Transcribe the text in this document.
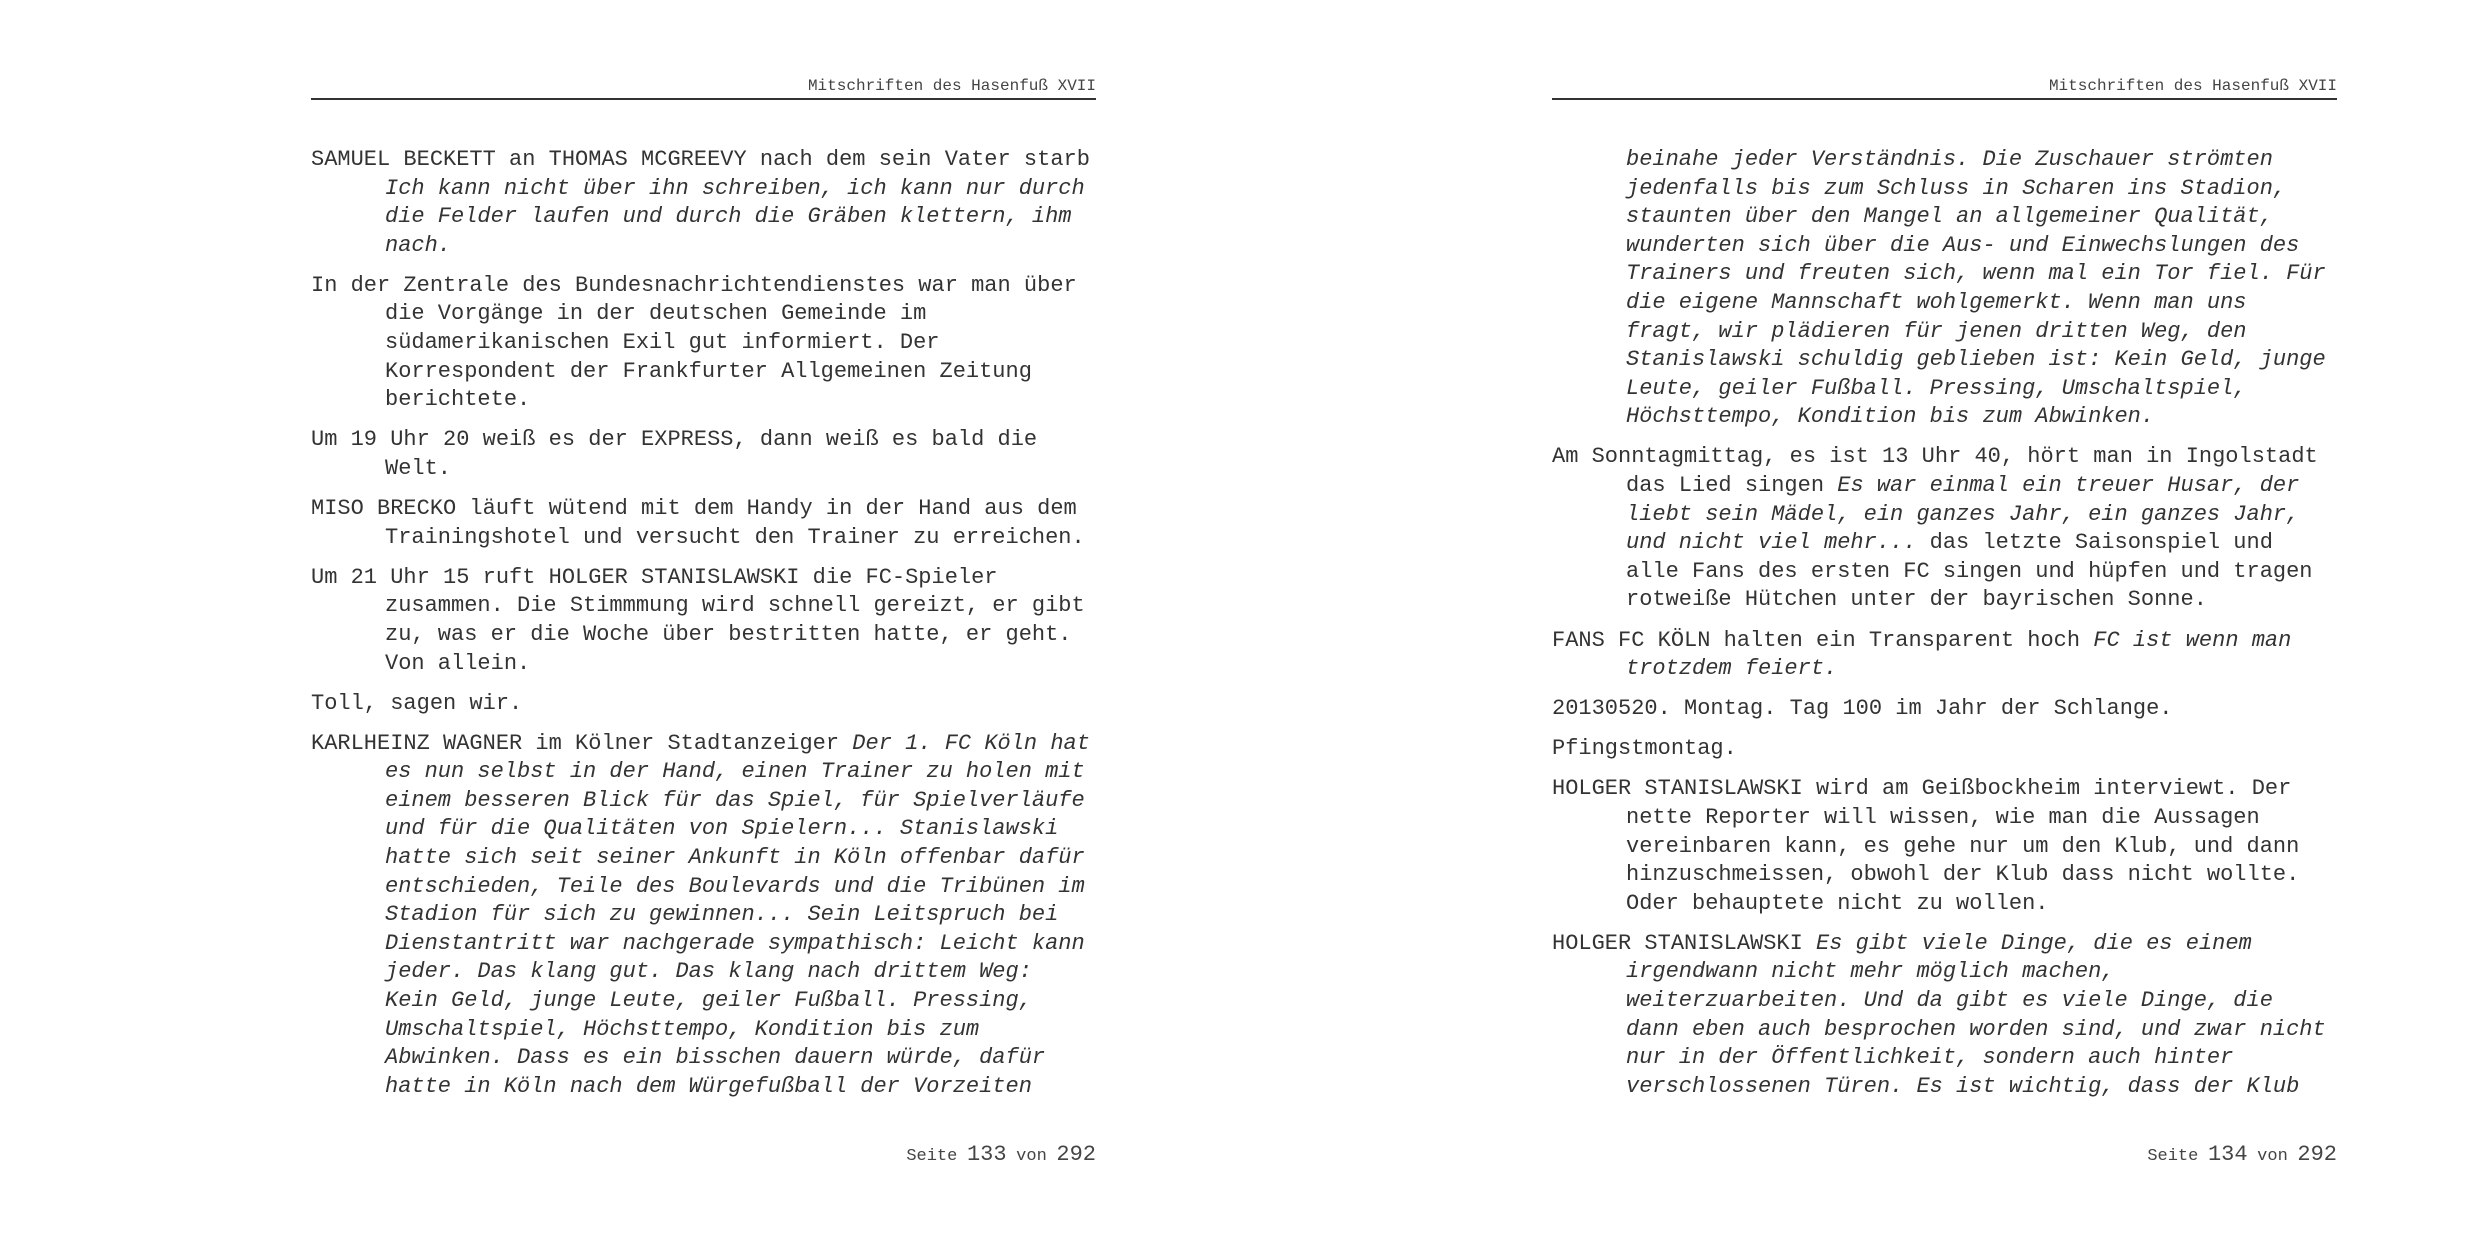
Mitschriften des Hasenfuß XVII

SAMUEL BECKETT an THOMAS MCGREEVY nach dem sein Vater starb Ich kann nicht über ihn schreiben, ich kann nur durch die Felder laufen und durch die Gräben klettern, ihm nach.

In der Zentrale des Bundesnachrichtendienstes war man über die Vorgänge in der deutschen Gemeinde im südamerikanischen Exil gut informiert. Der Korrespondent der Frankfurter Allgemeinen Zeitung berichtete.

Um 19 Uhr 20 weiß es der EXPRESS, dann weiß es bald die Welt.

MISO BRECKO läuft wütend mit dem Handy in der Hand aus dem Trainingshotel und versucht den Trainer zu erreichen.

Um 21 Uhr 15 ruft HOLGER STANISLAWSKI die FC-Spieler zusammen. Die Stimmmung wird schnell gereizt, er gibt zu, was er die Woche über bestritten hatte, er geht. Von allein.

Toll, sagen wir.

KARLHEINZ WAGNER im Kölner Stadtanzeiger Der 1. FC Köln hat es nun selbst in der Hand, einen Trainer zu holen mit einem besseren Blick für das Spiel, für Spielverläufe und für die Qualitäten von Spielern... Stanislawski hatte sich seit seiner Ankunft in Köln offenbar dafür entschieden, Teile des Boulevards und die Tribünen im Stadion für sich zu gewinnen... Sein Leitspruch bei Dienstantritt war nachgerade sympathisch: Leicht kann jeder. Das klang gut. Das klang nach drittem Weg: Kein Geld, junge Leute, geiler Fußball. Pressing, Umschaltspiel, Höchsttempo, Kondition bis zum Abwinken. Dass es ein bisschen dauern würde, dafür hatte in Köln nach dem Würgefußball der Vorzeiten

Seite 133 von 292
Mitschriften des Hasenfuß XVII

beinahe jeder Verständnis. Die Zuschauer strömten jedenfalls bis zum Schluss in Scharen ins Stadion, staunten über den Mangel an allgemeiner Qualität, wunderten sich über die Aus- und Einwechslungen des Trainers und freuten sich, wenn mal ein Tor fiel. Für die eigene Mannschaft wohlgemerkt. Wenn man uns fragt, wir plädieren für jenen dritten Weg, den Stanislawski schuldig geblieben ist: Kein Geld, junge Leute, geiler Fußball. Pressing, Umschaltspiel, Höchsttempo, Kondition bis zum Abwinken.

Am Sonntagmittag, es ist 13 Uhr 40, hört man in Ingolstadt das Lied singen Es war einmal ein treuer Husar, der liebt sein Mädel, ein ganzes Jahr, ein ganzes Jahr, und nicht viel mehr... das letzte Saisonspiel und alle Fans des ersten FC singen und hüpfen und tragen rotweiße Hütchen unter der bayrischen Sonne.

FANS FC KÖLN halten ein Transparent hoch FC ist wenn man trotzdem feiert.

20130520. Montag. Tag 100 im Jahr der Schlange.

Pfingstmontag.

HOLGER STANISLAWSKI wird am Geißbockheim interviewt. Der nette Reporter will wissen, wie man die Aussagen vereinbaren kann, es gehe nur um den Klub, und dann hinzuschmeissen, obwohl der Klub dass nicht wollte. Oder behauptete nicht zu wollen.

HOLGER STANISLAWSKI Es gibt viele Dinge, die es einem irgendwann nicht mehr möglich machen, weiterzuarbeiten. Und da gibt es viele Dinge, die dann eben auch besprochen worden sind, und zwar nicht nur in der Öffentlichkeit, sondern auch hinter verschlossenen Türen. Es ist wichtig, dass der Klub

Seite 134 von 292
